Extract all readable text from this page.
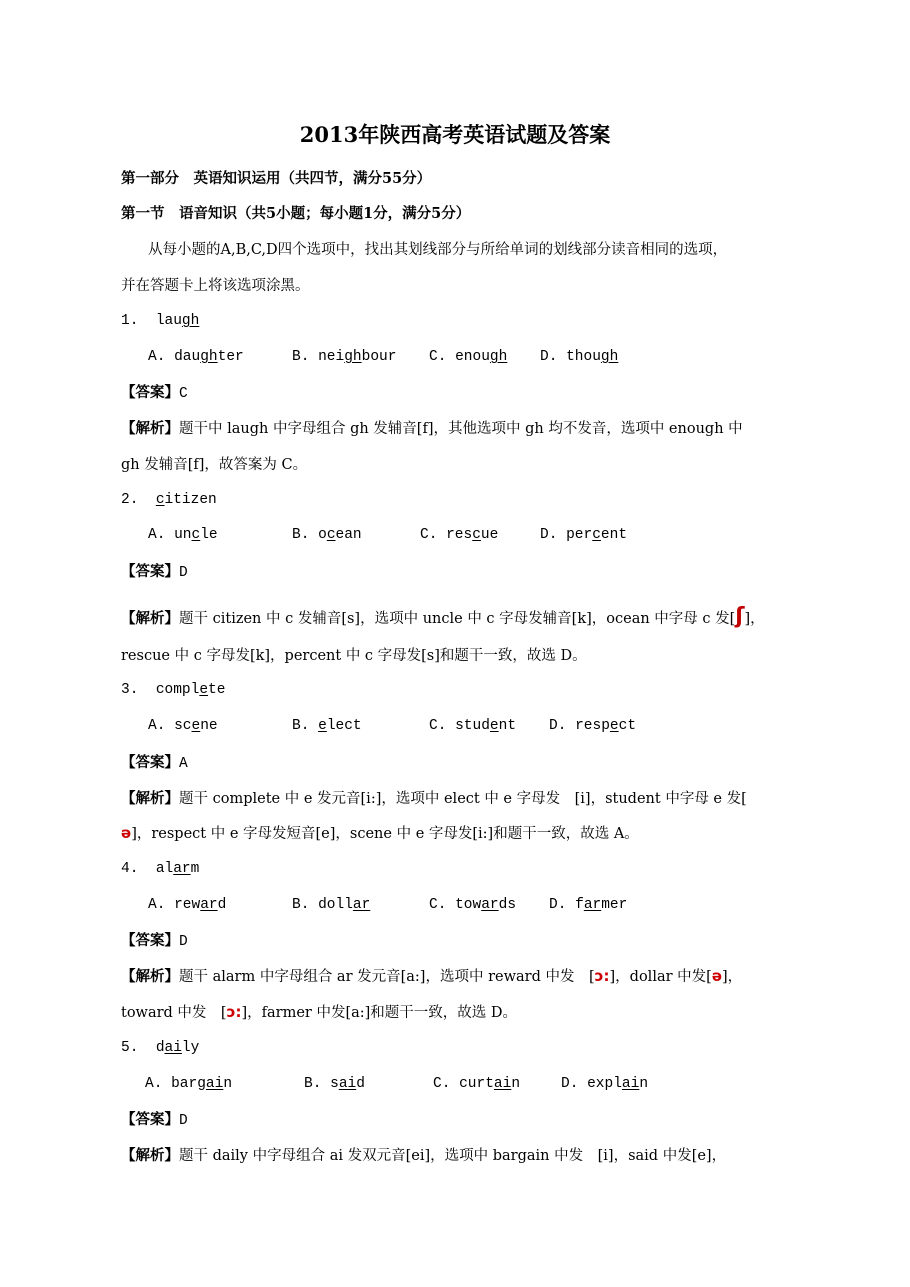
2013年陕西高考英语试题及答案
第一部分　英语知识运用（共四节，满分55分）
第一节　语音知识（共5小题；每小题1分，满分5分）
从每小题的A,B,C,D四个选项中，找出其划线部分与所给单词的划线部分读音相同的选项，
并在答题卡上将该选项涂黑。
1. laugh
A. daughter	B. neighbour C. enough D. though
【答案】C
【解析】题干中 laugh 中字母组合 gh 发辅音[f]，其他选项中 gh 均不发音，选项中 enough 中
gh 发辅音[f]，故答案为 C。
2. citizen
A. uncle	B. ocean	C. rescue	D. percent
【答案】D
【解析】题干 citizen 中 c 发辅音[s]，选项中 uncle 中 c 字母发辅音[k]，ocean 中字母 c 发[ʃ]，
rescue 中 c 字母发[k]，percent 中 c 字母发[s]和题干一致，故选 D。
3. complete
A. scene	B. elect	C. student D. respect
【答案】A
【解析】题干 complete 中 e 发元音[i:]，选项中 elect 中 e 字母发　[i]，student 中字母 e 发[
ə]，respect 中 e 字母发短音[e]，scene 中 e 字母发[i:]和题干一致，故选 A。
4. alarm
A. reward	B. dollar	C. towards D. farmer
【答案】D
【解析】题干 alarm 中字母组合 ar 发元音[a:]，选项中 reward 中发　[ɔ:]，dollar 中发[ə]，
toward 中发　[ɔ:]，farmer 中发[a:]和题干一致，故选 D。
5. daily
A. bargain	B. said	C. curtain	D. explain
【答案】D
【解析】题干 daily 中字母组合 ai 发双元音[ei]，选项中 bargain 中发　[i]，said 中发[e]，
